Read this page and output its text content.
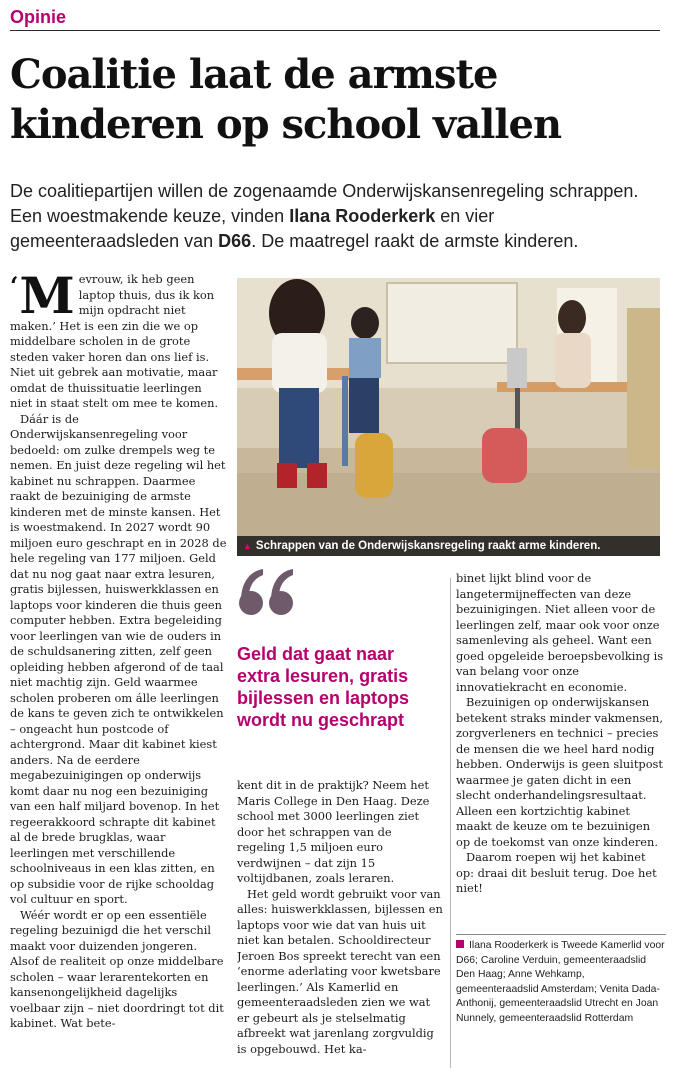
Opinie
Coalitie laat de armste kinderen op school vallen
De coalitiepartijen willen de zogenaamde Onderwijskansenregeling schrappen. Een woestmakende keuze, vinden Ilana Rooderkerk en vier gemeenteraadsleden van D66. De maatregel raakt de armste kinderen.

‘ M evrouw, ik heb geen laptop thuis, dus ik kon mijn opdracht niet maken.’ Het is een zin die we op middelbare scholen in de grote steden vaker horen dan ons lief is. Niet uit gebrek aan motivatie, maar omdat de thuissituatie leerlingen niet in staat stelt om mee te komen.

Dáár is de Onderwijskansenregeling voor bedoeld: om zulke drempels weg te nemen. En juist deze regeling wil het kabinet nu schrappen. Daarmee raakt de bezuiniging de armste kinderen met de minste kansen. Het is woestmakend. In 2027 wordt 90 miljoen euro geschrapt en in 2028 de hele regeling van 177 miljoen. Geld dat nu nog gaat naar extra lesuren, gratis bijlessen, huiswerkklassen en laptops voor kinderen die thuis geen computer hebben. Extra begeleiding voor leerlingen van wie de ouders in de schuldsanering zitten, zelf geen opleiding hebben afgerond of de taal niet machtig zijn. Geld waarmee scholen proberen om álle leerlingen de kans te geven zich te ontwikkelen – ongeacht hun postcode of achtergrond. Maar dit kabinet kiest anders. Na de eerdere megabezuinigingen op onderwijs komt daar nu nog een bezuiniging van een half miljard bovenop. In het regeerakkoord schrapte dit kabinet al de brede brugklas, waar leerlingen met verschillende schoolniveaus in een klas zitten, en op subsidie voor de rijke schooldag vol cultuur en sport.

Wéér wordt er op een essentiële regeling bezuinigd die het verschil maakt voor duizenden jongeren. Alsof de realiteit op onze middelbare scholen – waar lerarentekorten en kansenongelijkheid dagelijks voelbaar zijn – niet doordringt tot dit kabinet. Wat bete-

▲ Schrappen van de Onderwijskansregeling raakt arme kinderen.
Geld dat gaat naar extra lesuren, gratis bijlessen en laptops wordt nu geschrapt

kent dit in de praktijk? Neem het Maris College in Den Haag. Deze school met 3000 leerlingen ziet door het schrappen van de regeling 1,5 miljoen euro verdwijnen – dat zijn 15 voltijdbanen, zoals leraren.

Het geld wordt gebruikt voor van alles: huiswerkklassen, bijlessen en laptops voor wie dat van huis uit niet kan betalen. Schooldirecteur Jeroen Bos spreekt terecht van een ‘enorme aderlating voor kwetsbare leerlingen.’ Als Kamerlid en gemeenteraadsleden zien we wat er gebeurt als je stelselmatig afbreekt wat jarenlang zorgvuldig is opgebouwd. Het ka-

binet lijkt blind voor de langetermijneffecten van deze bezuinigingen. Niet alleen voor de leerlingen zelf, maar ook voor onze samenleving als geheel. Want een goed opgeleide beroepsbevolking is van belang voor onze innovatiekracht en economie.

Bezuinigen op onderwijskansen betekent straks minder vakmensen, zorgverleners en technici – precies de mensen die we heel hard nodig hebben. Onderwijs is geen sluitpost waarmee je gaten dicht in een slecht onderhandelingsresultaat. Alleen een kortzichtig kabinet maakt de keuze om te bezuinigen op de toekomst van onze kinderen.

Daarom roepen wij het kabinet op: draai dit besluit terug. Doe het niet!

Ilana Rooderkerk is Tweede Kamerlid voor D66; Caroline Verduin, gemeenteraadslid Den Haag; Anne Wehkamp, gemeenteraadslid Amsterdam; Venita Dada-Anthonij, gemeenteraadslid Utrecht en Joan Nunnely, gemeenteraadslid Rotterdam
